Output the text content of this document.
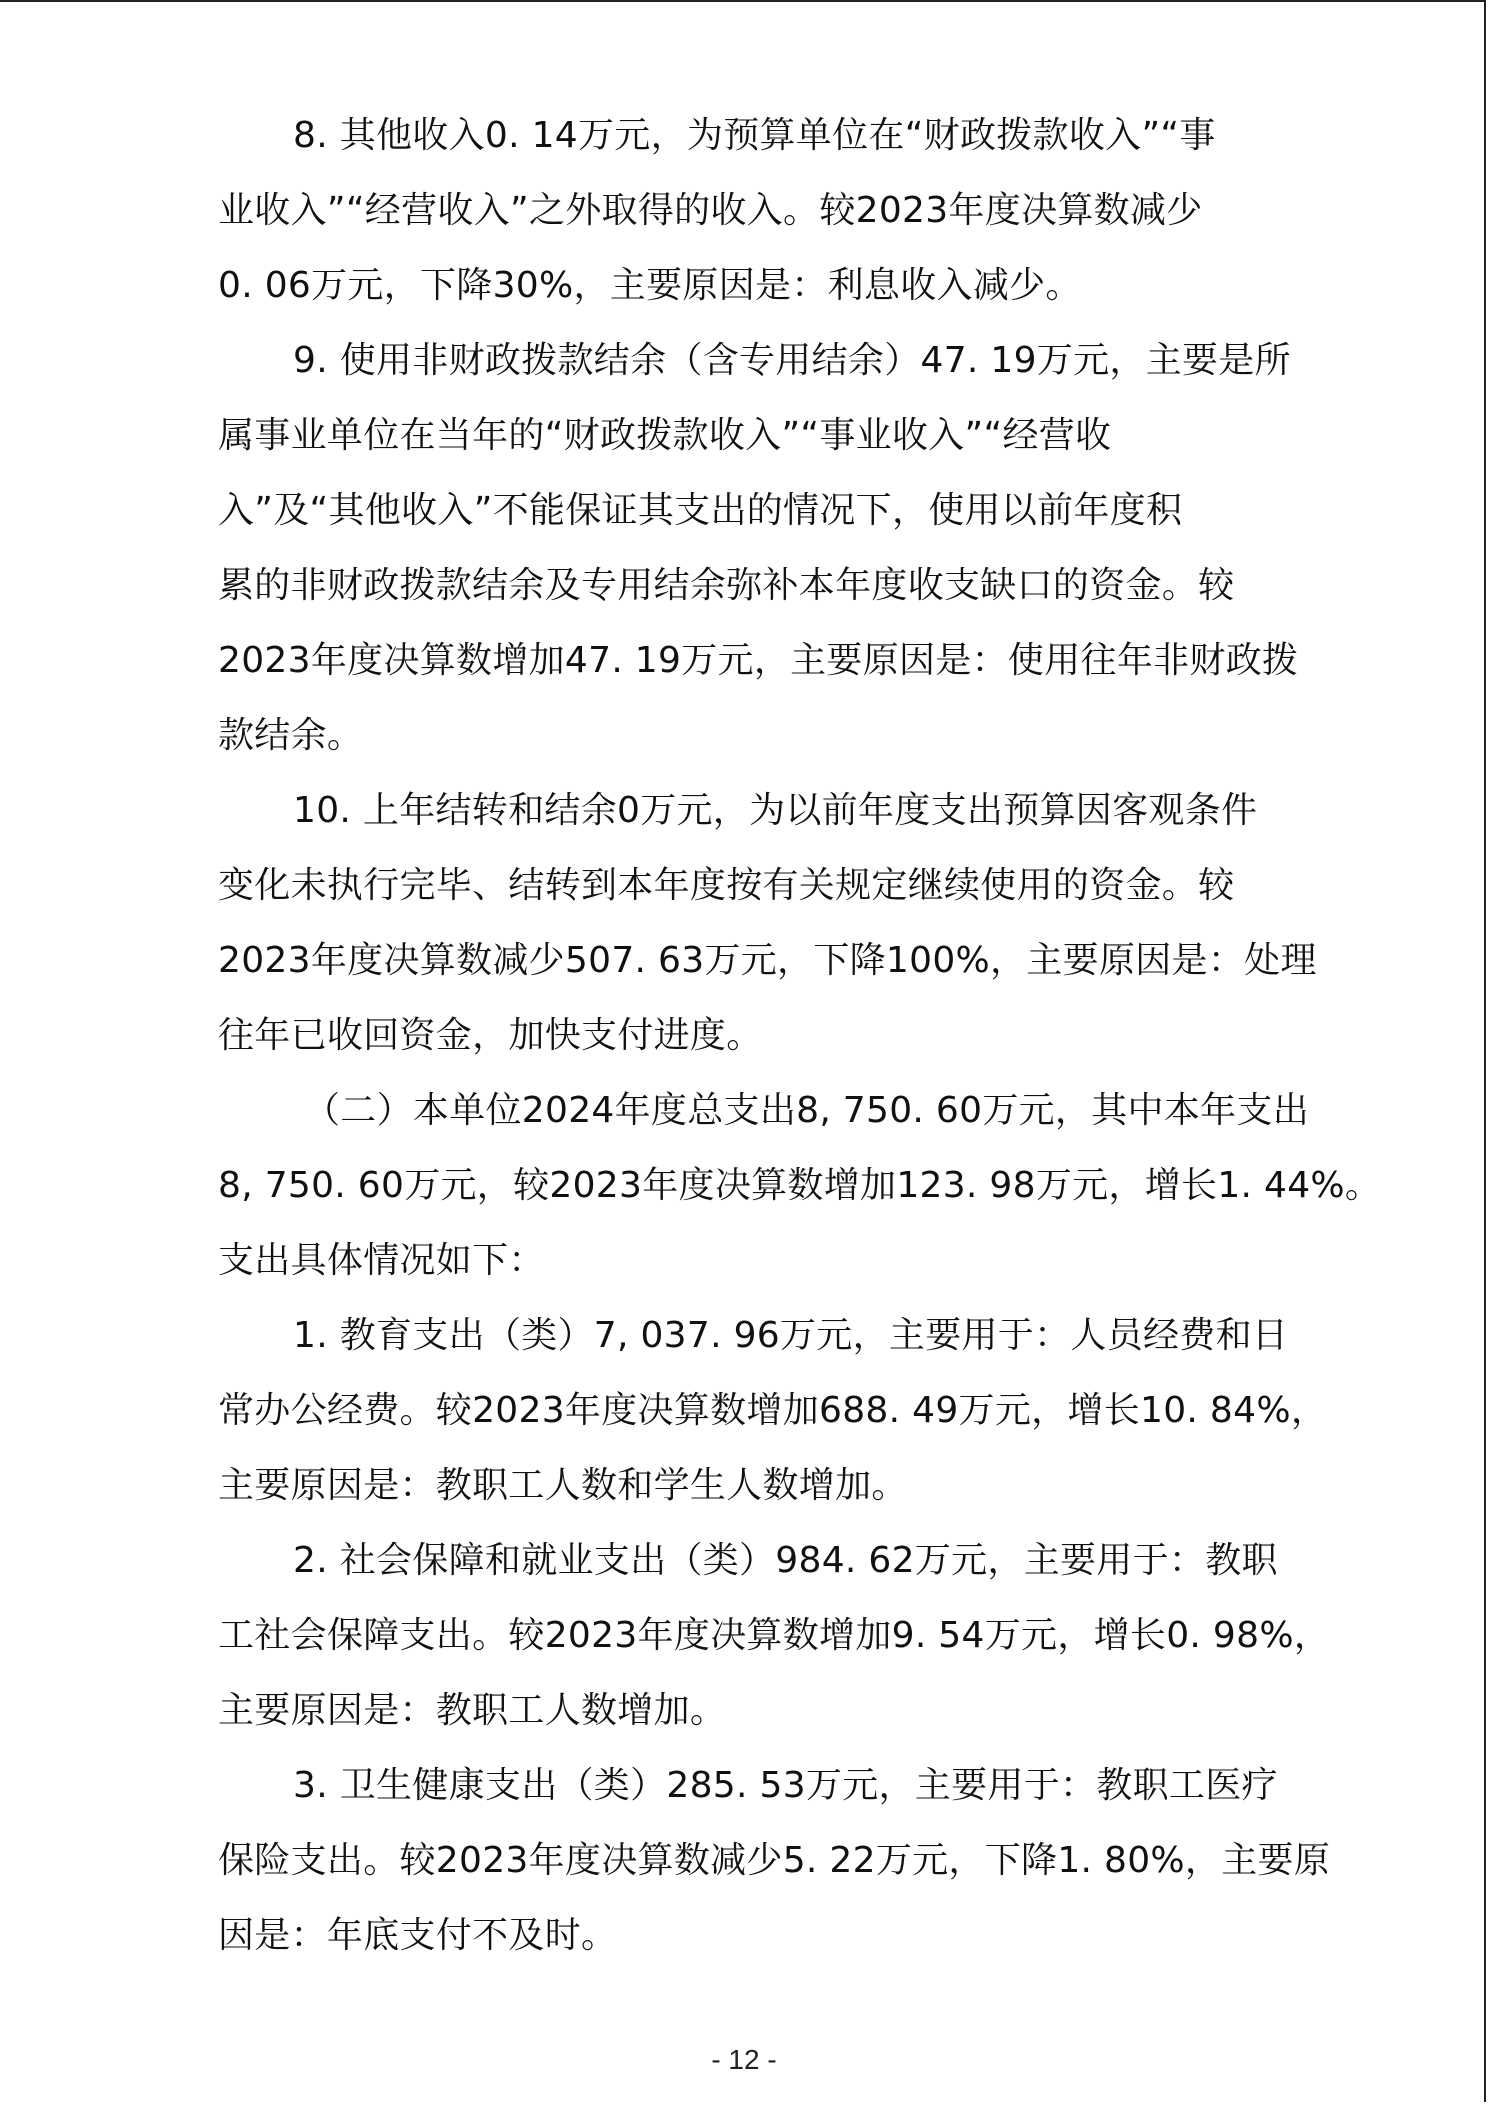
8. 其他收入0. 14万元，为预算单位在“财政拨款收入”“事
业收入”“经营收入”之外取得的收入。较2023年度决算数减少
0. 06万元，下降30%，主要原因是：利息收入减少。

9. 使用非财政拨款结余（含专用结余）47. 19万元，主要是所
属事业单位在当年的“财政拨款收入”“事业收入”“经营收
入”及“其他收入”不能保证其支出的情况下，使用以前年度积
累的非财政拨款结余及专用结余弥补本年度收支缺口的资金。较
2023年度决算数增加47. 19万元，主要原因是：使用往年非财政拨
款结余。

10. 上年结转和结余0万元，为以前年度支出预算因客观条件
变化未执行完毕、结转到本年度按有关规定继续使用的资金。较
2023年度决算数减少507. 63万元，下降100%，主要原因是：处理
往年已收回资金，加快支付进度。

（二）本单位2024年度总支出8, 750. 60万元，其中本年支出
8, 750. 60万元，较2023年度决算数增加123. 98万元，增长1. 44%。
支出具体情况如下：

1. 教育支出（类）7, 037. 96万元，主要用于：人员经费和日
常办公经费。较2023年度决算数增加688. 49万元，增长10. 84%，
主要原因是：教职工人数和学生人数增加。

2. 社会保障和就业支出（类）984. 62万元，主要用于：教职
工社会保障支出。较2023年度决算数增加9. 54万元，增长0. 98%，
主要原因是：教职工人数增加。

3. 卫生健康支出（类）285. 53万元，主要用于：教职工医疗
保险支出。较2023年度决算数减少5. 22万元，下降1. 80%，主要原
因是：年底支付不及时。

- 12 -
